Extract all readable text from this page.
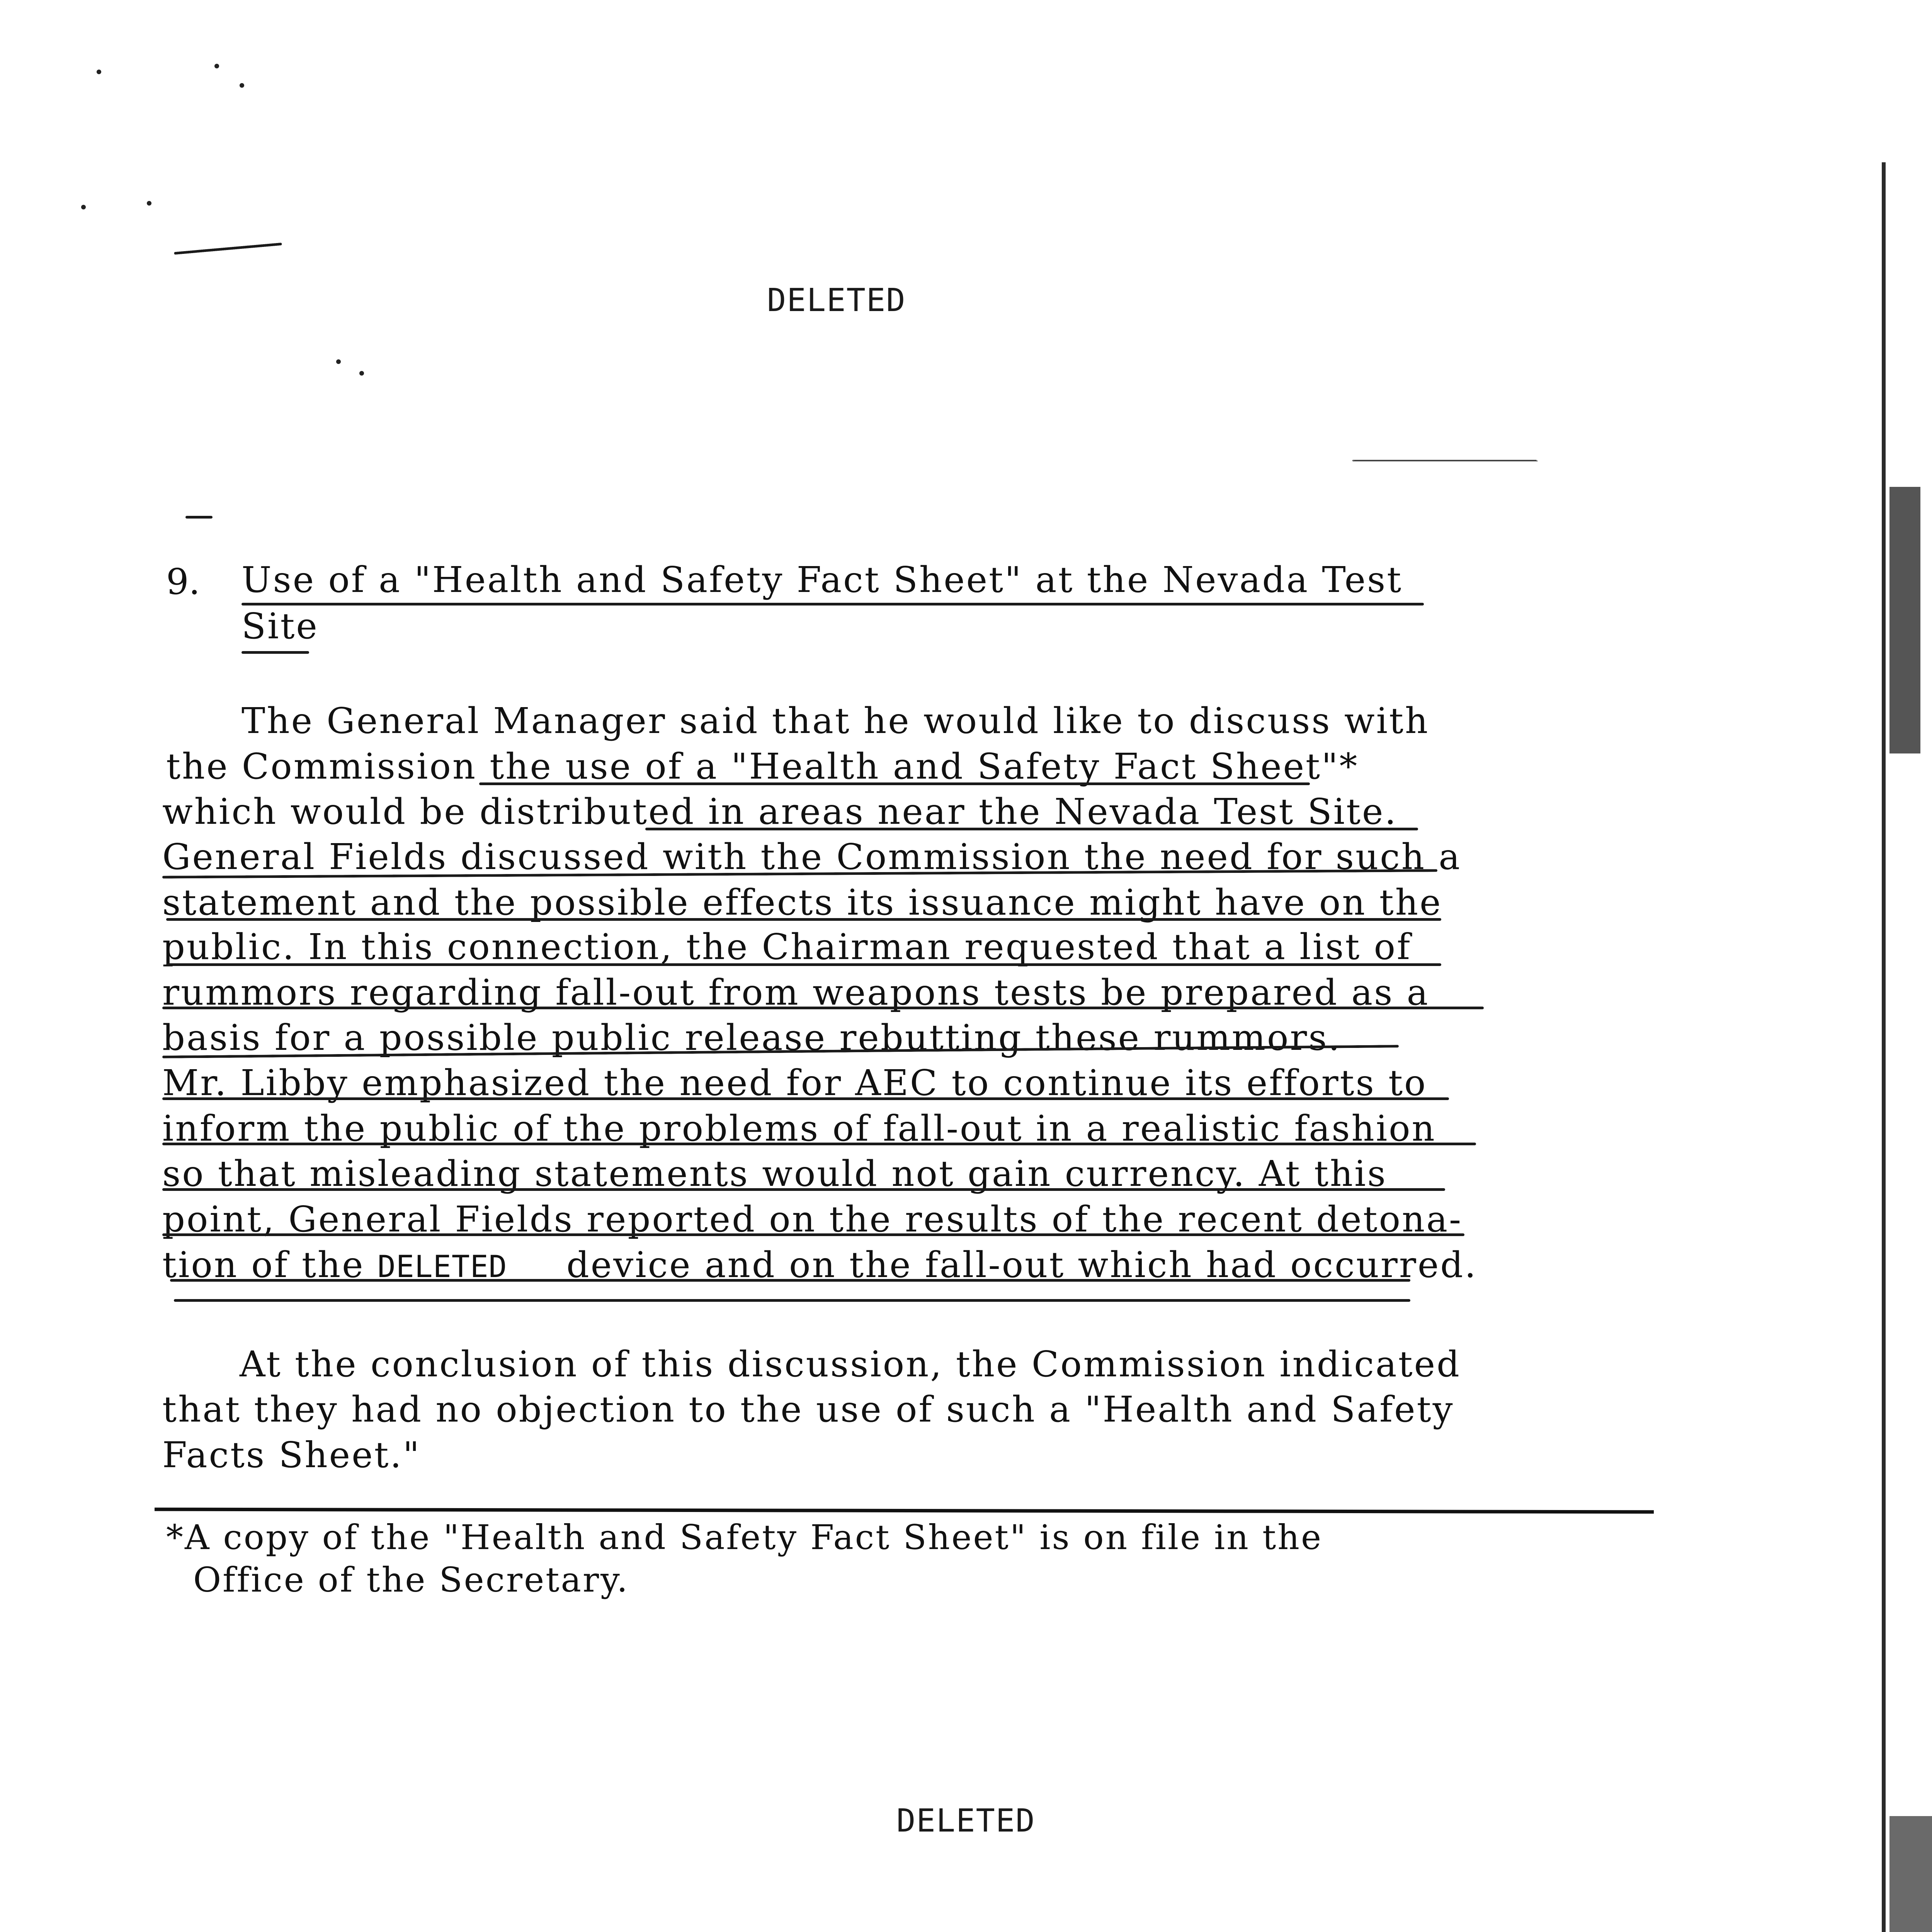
DELETED
9. Use of a "Health and Safety Fact Sheet" at the Nevada Test
Site
The General Manager said that he would like to discuss with
the Commission the use of a "Health and Safety Fact Sheet"*
which would be distributed in areas near the Nevada Test Site.
General Fields discussed with the Commission the need for such a
statement and the possible effects its issuance might have on the
public. In this connection, the Chairman requested that a list of
rummors regarding fall-out from weapons tests be prepared as a
basis for a possible public release rebutting these rummors.
Mr. Libby emphasized the need for AEC to continue its efforts to
inform the public of the problems of fall-out in a realistic fashion
so that misleading statements would not gain currency. At this
point, General Fields reported on the results of the recent detona-
tion of the DELETED device and on the fall-out which had occurred.
At the conclusion of this discussion, the Commission indicated
that they had no objection to the use of such a "Health and Safety
Facts Sheet."
*A copy of the "Health and Safety Fact Sheet" is on file in the
Office of the Secretary.
DELETED
